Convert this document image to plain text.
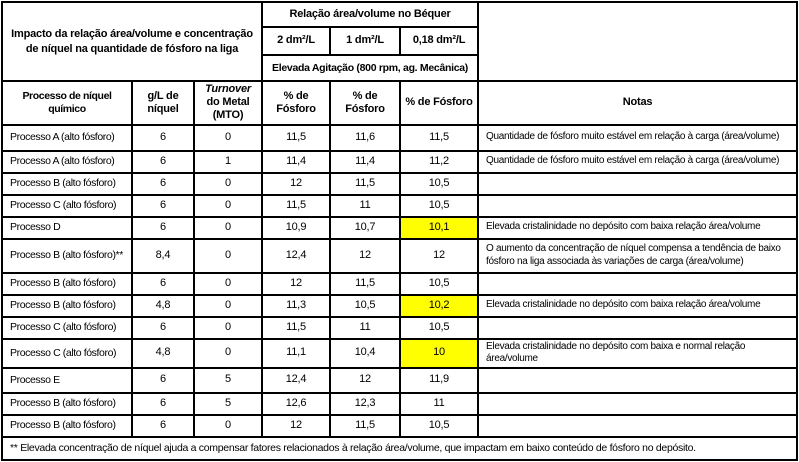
Impacto da relação área/volume e concentração de níquel na quantidade de fósforo na liga			Relação área/volume no Béquer			
			2 dm²/L	1 dm²/L	0,18 dm²/L	
			Elevada Agitação (800 rpm, ag. Mecânica)			
Processo de níquel químico	g/L de níquel	Turnover do Metal (MTO)	% de Fósforo	% de Fósforo	% de Fósforo	Notas
Processo A (alto fósforo)	6	0	11,5	11,6	11,5	Quantidade de fósforo muito estável em relação à carga (área/volume)
Processo A (alto fósforo)	6	1	11,4	11,4	11,2	Quantidade de fósforo muito estável em relação à carga (área/volume)
Processo B (alto fósforo)	6	0	12	11,5	10,5	
Processo C (alto fósforo)	6	0	11,5	11	10,5	
Processo D	6	0	10,9	10,7	10,1	Elevada cristalinidade no depósito com baixa relação área/volume
Processo B (alto fósforo)**	8,4	0	12,4	12	12	O aumento da concentração de níquel compensa a tendência de baixo fósforo na liga associada às variações de carga (área/volume)
Processo B (alto fósforo)	6	0	12	11,5	10,5	
Processo B (alto fósforo)	4,8	0	11,3	10,5	10,2	Elevada cristalinidade no depósito com baixa relação área/volume
Processo C (alto fósforo)	6	0	11,5	11	10,5	
Processo C (alto fósforo)	4,8	0	11,1	10,4	10	Elevada cristalinidade no depósito com baixa e normal relação área/volume
Processo E	6	5	12,4	12	11,9	
Processo B (alto fósforo)	6	5	12,6	12,3	11	
Processo B (alto fósforo)	6	0	12	11,5	10,5	
** Elevada concentração de níquel ajuda a compensar fatores relacionados à relação área/volume, que impactam em baixo conteúdo de fósforo no depósito.						
